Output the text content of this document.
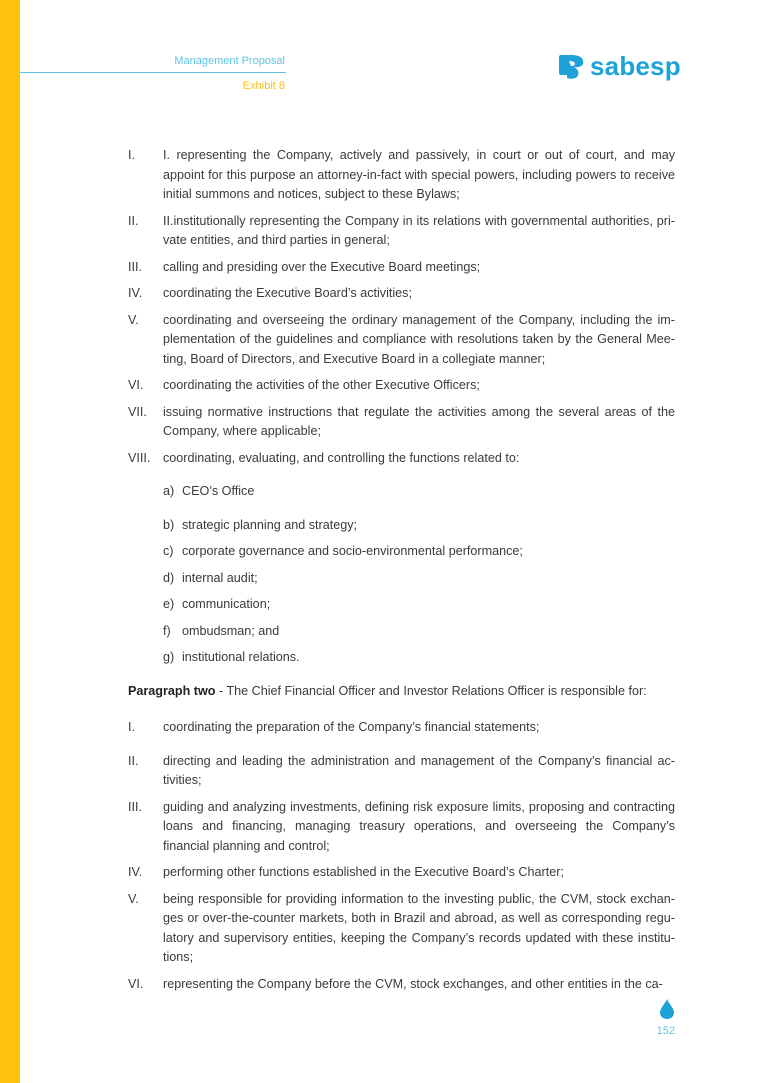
Management Proposal
Exhibit 8
sabesp
I.	I. representing the Company, actively and passively, in court or out of court, and may appoint for this purpose an attorney-in-fact with special powers, including powers to receive initial summons and notices, subject to these Bylaws;
II.	II.institutionally representing the Company in its relations with governmental authorities, pri-vate entities, and third parties in general;
III.	calling and presiding over the Executive Board meetings;
IV.	coordinating the Executive Board’s activities;
V.	coordinating and overseeing the ordinary management of the Company, including the im-plementation of the guidelines and compliance with resolutions taken by the General Mee-ting, Board of Directors, and Executive Board in a collegiate manner;
VI.	coordinating the activities of the other Executive Officers;
VII.	issuing normative instructions that regulate the activities among the several areas of the Company, where applicable;
VIII. coordinating, evaluating, and controlling the functions related to:
a) CEO’s Office
b) strategic planning and strategy;
c) corporate governance and socio-environmental performance;
d) internal audit;
e) communication;
f) ombudsman; and
g) institutional relations.
Paragraph two - The Chief Financial Officer and Investor Relations Officer is responsible for:
I.	coordinating the preparation of the Company’s financial statements;
II.	directing and leading the administration and management of the Company’s financial ac-tivities;
III.	guiding and analyzing investments, defining risk exposure limits, proposing and contracting loans and financing, managing treasury operations, and overseeing the Company’s financial planning and control;
IV.	performing other functions established in the Executive Board’s Charter;
V.	being responsible for providing information to the investing public, the CVM, stock exchan-ges or over-the-counter markets, both in Brazil and abroad, as well as corresponding regu-latory and supervisory entities, keeping the Company’s records updated with these institu-tions;
VI.	representing the Company before the CVM, stock exchanges, and other entities in the ca-
152
